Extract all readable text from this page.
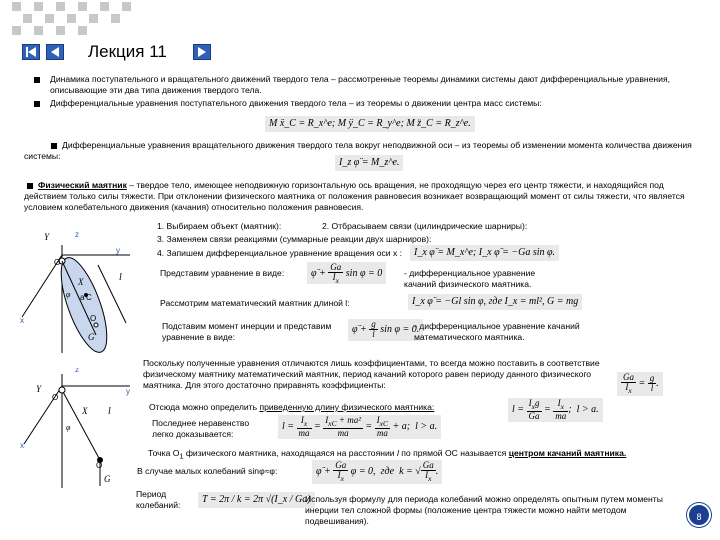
Лекция 11
Динамика поступательного и вращательного движений твердого тела – рассмотренные теоремы динамики системы дают дифференциальные уравнения, описывающие эти два типа движения твердого тела.
Дифференциальные уравнения поступательного движения твердого тела – из теоремы о движении центра масс системы:
M ẍ_C = R_x^e; M ÿ_C = R_y^e; M z̈_C = R_z^e.
Дифференциальные уравнения вращательного движения твердого тела вокруг неподвижной оси – из теоремы об изменении момента количества движения системы:
I_z φ̈ = M_z^e.
Физический маятник – твердое тело, имеющее неподвижную горизонтальную ось вращения, не проходящую через его центр тяжести, и находящийся под действием только силы тяжести. При отклонении физического маятника от положения равновесия возникает возвращающий момент от силы тяжести, что является условием колебательного движения (качания) относительно положения равновесия.
1. Выбираем объект (маятник):	2. Отбрасываем связи (цилиндрические шарниры):
3. Заменяем связи реакциями (суммарные реакции двух шарниров):
4. Запишем дифференциальное уравнение вращения оси x :	I_x φ̈ = M_x^e; I_x φ̈ = −Ga sin φ.
Представим уравнение в виде:	φ̈ + $\frac{Ga}{I_x}$ sin φ = 0	- дифференциальное уравнение качаний физического маятника.
Рассмотрим математический маятник длиной l:	I_x φ̈ = −Gl sin φ, где I_x = ml², G = mg
Подставим момент инерции и представим уравнение в виде:
φ̈ + $\frac{g}{l}$ sin φ = 0.
- дифференциальное уравнение качаний математического маятника.
Поскольку полученные уравнения отличаются лишь коэффициентами, то всегда можно поставить в соответствие физическому маятнику математический маятник, период качаний которого равен периоду данного физического маятника. Для этого достаточно приравнять коэффициенты:	$\frac{Ga}{I_x} = \frac{g}{l}$ .
Отсюда можно определить приведенную длину физического маятника:	$l = \frac{I_xg}{Ga} = \frac{I_x}{ma}$ ;  l > a.
Последнее неравенство легко доказывается:
$l = \frac{I_x}{ma} = \frac{I_{xC} + ma^2}{ma} = \frac{I_{xC}}{ma} + a$;  l > a.
Точка $O_1$ физического маятника, находящаяся на расстоянии l по прямой ОС называется центром качаний маятника.
В случае малых колебаний sinφ≈φ:	φ̈ + $\frac{Ga}{I_x}$ φ = 0,  где  k = √ $\frac{Ga}{I_x}$ .
Период колебаний:	T = 2π / k = 2π √(I_x / Ga)
Используя формулу для периода колебаний можно определять опытным путем моменты инерции тел сложной формы (положение центра тяжести можно найти методом подвешивания).	8
Y	z
y
O
X
a
l
φ C
O
G
x
Y
z
y
O
X l
φ
O
G
x
